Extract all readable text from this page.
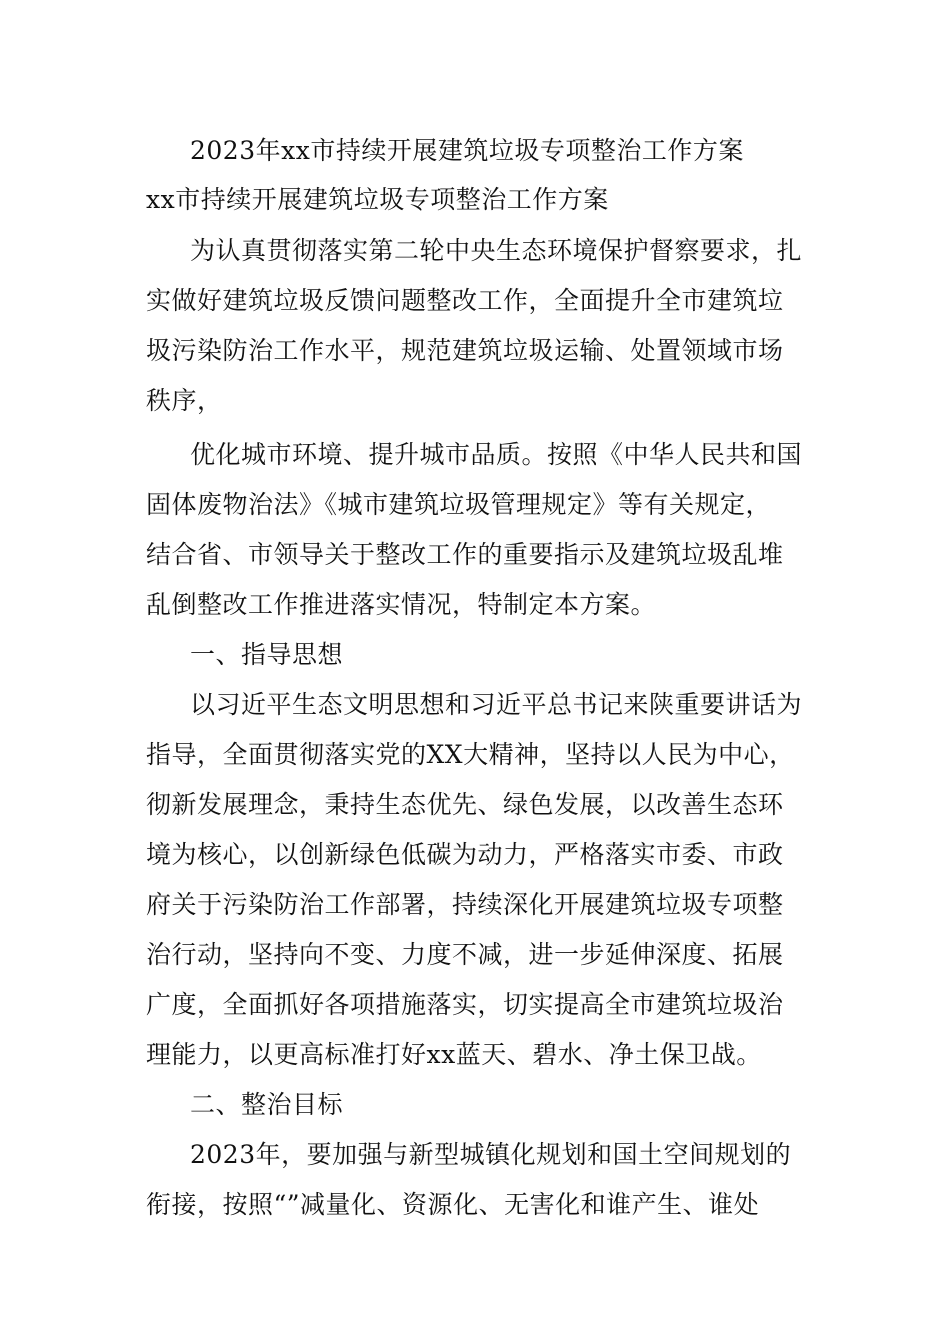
2023年xx市持续开展建筑垃圾专项整治工作方案
xx市持续开展建筑垃圾专项整治工作方案
为认真贯彻落实第二轮中央生态环境保护督察要求，扎
实做好建筑垃圾反馈问题整改工作，全面提升全市建筑垃
圾污染防治工作水平，规范建筑垃圾运输、处置领域市场
秩序，
优化城市环境、提升城市品质。按照《中华人民共和国
固体废物治法》《城市建筑垃圾管理规定》等有关规定，
结合省、市领导关于整改工作的重要指示及建筑垃圾乱堆
乱倒整改工作推进落实情况，特制定本方案。
一、指导思想
以习近平生态文明思想和习近平总书记来陕重要讲话为
指导，全面贯彻落实党的XX大精神，坚持以人民为中心，
彻新发展理念，秉持生态优先、绿色发展，以改善生态环
境为核心，以创新绿色低碳为动力，严格落实市委、市政
府关于污染防治工作部署，持续深化开展建筑垃圾专项整
治行动，坚持向不变、力度不减，进一步延伸深度、拓展
广度，全面抓好各项措施落实，切实提高全市建筑垃圾治
理能力，以更高标准打好xx蓝天、碧水、净土保卫战。
二、整治目标
2023年，要加强与新型城镇化规划和国土空间规划的
衔接，按照“”减量化、资源化、无害化和谁产生、谁处
